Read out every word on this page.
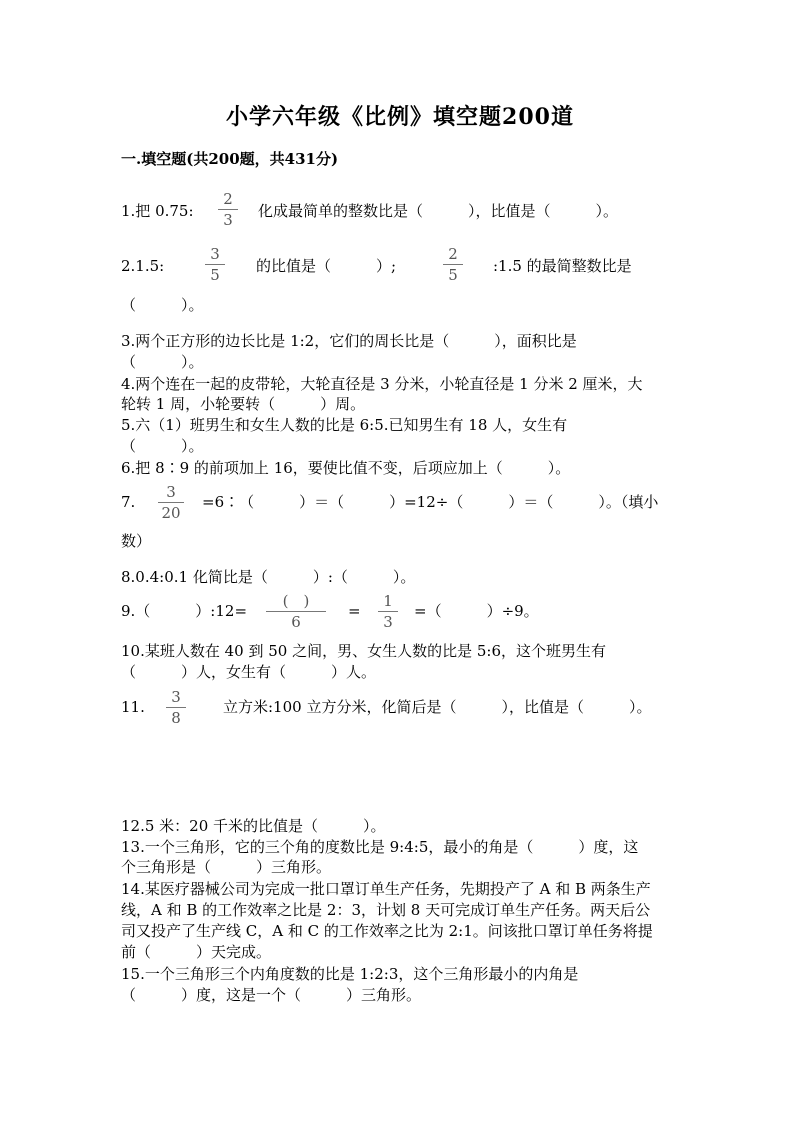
小学六年级《比例》填空题200道
一.填空题(共200题，共431分)
1.把 0.75:
2
3	化成最简单的整数比是（　　　），比值是（　　　）。
2.1.5:
3
5	的比值是（　　　）;
2
5	:1.5 的最简整数比是
（　　　）。
3.两个正方形的边长比是 1:2，它们的周长比是（　　　），面积比是
（　　　）。
4.两个连在一起的皮带轮，大轮直径是 3 分米，小轮直径是 1 分米 2 厘米，大
轮转 1 周，小轮要转（　　　）周。
5.六（1）班男生和女生人数的比是 6:5.已知男生有 18 人，女生有
（　　　）。
6.把 8∶9 的前项加上 16，要使比值不变，后项应加上（　　　）。
7.
3
20
=6∶（　　　）＝（　　　）=12÷（　　　）＝（　　　）。（填小
数）
8.0.4:0.1 化简比是（　　　）:（　　　）。
9.（　　　）:12=
(　)
6
=
1
3
=（　　　）÷9。
10.某班人数在 40 到 50 之间，男、女生人数的比是 5:6，这个班男生有
（　　　）人，女生有（　　　）人。
11.
3
8
立方米:100 立方分米，化简后是（　　　），比值是（　　　）。
12.5 米：20 千米的比值是（　　　）。
13.一个三角形，它的三个角的度数比是 9:4:5，最小的角是（　　　）度，这
个三角形是（　　　）三角形。
14.某医疗器械公司为完成一批口罩订单生产任务，先期投产了 A 和 B 两条生产
线，A 和 B 的工作效率之比是 2：3，计划 8 天可完成订单生产任务。两天后公
司又投产了生产线 C，A 和 C 的工作效率之比为 2:1。问该批口罩订单任务将提
前（　　　）天完成。
15.一个三角形三个内角度数的比是 1:2:3，这个三角形最小的内角是
（　　　）度，这是一个（　　　）三角形。
